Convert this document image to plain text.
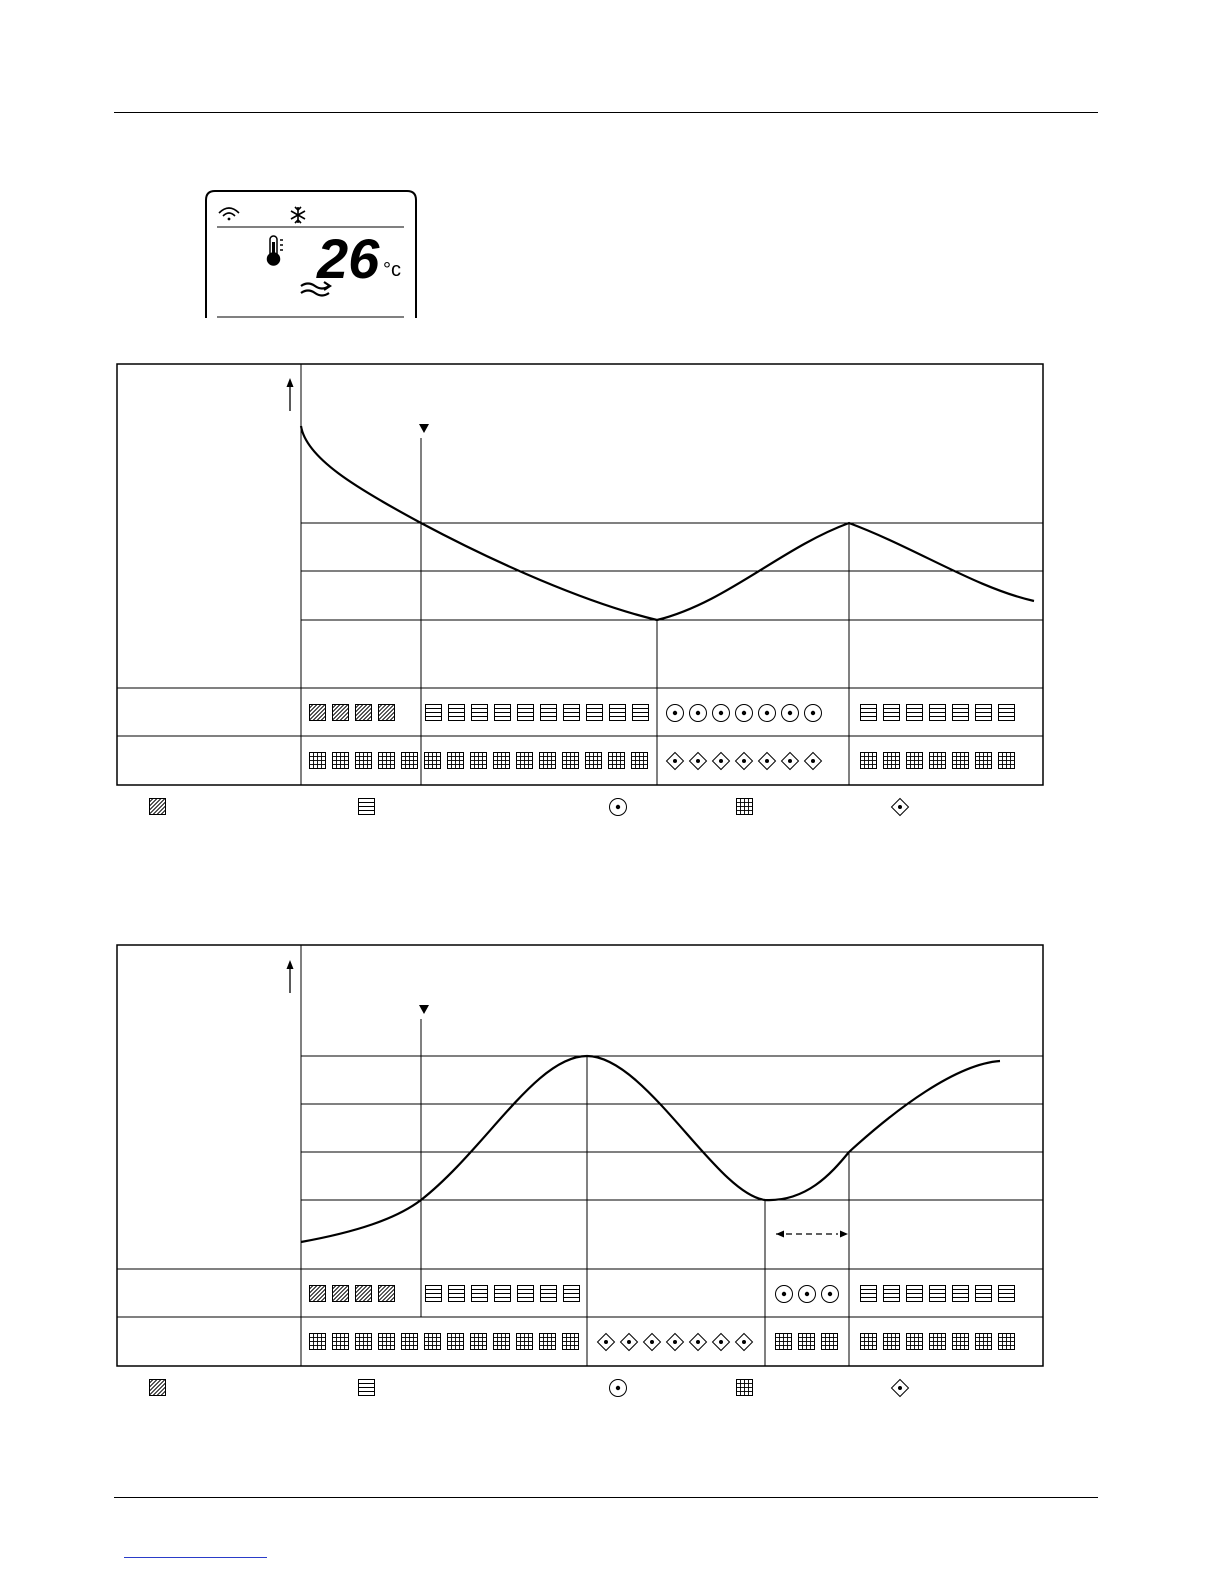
26 °c
